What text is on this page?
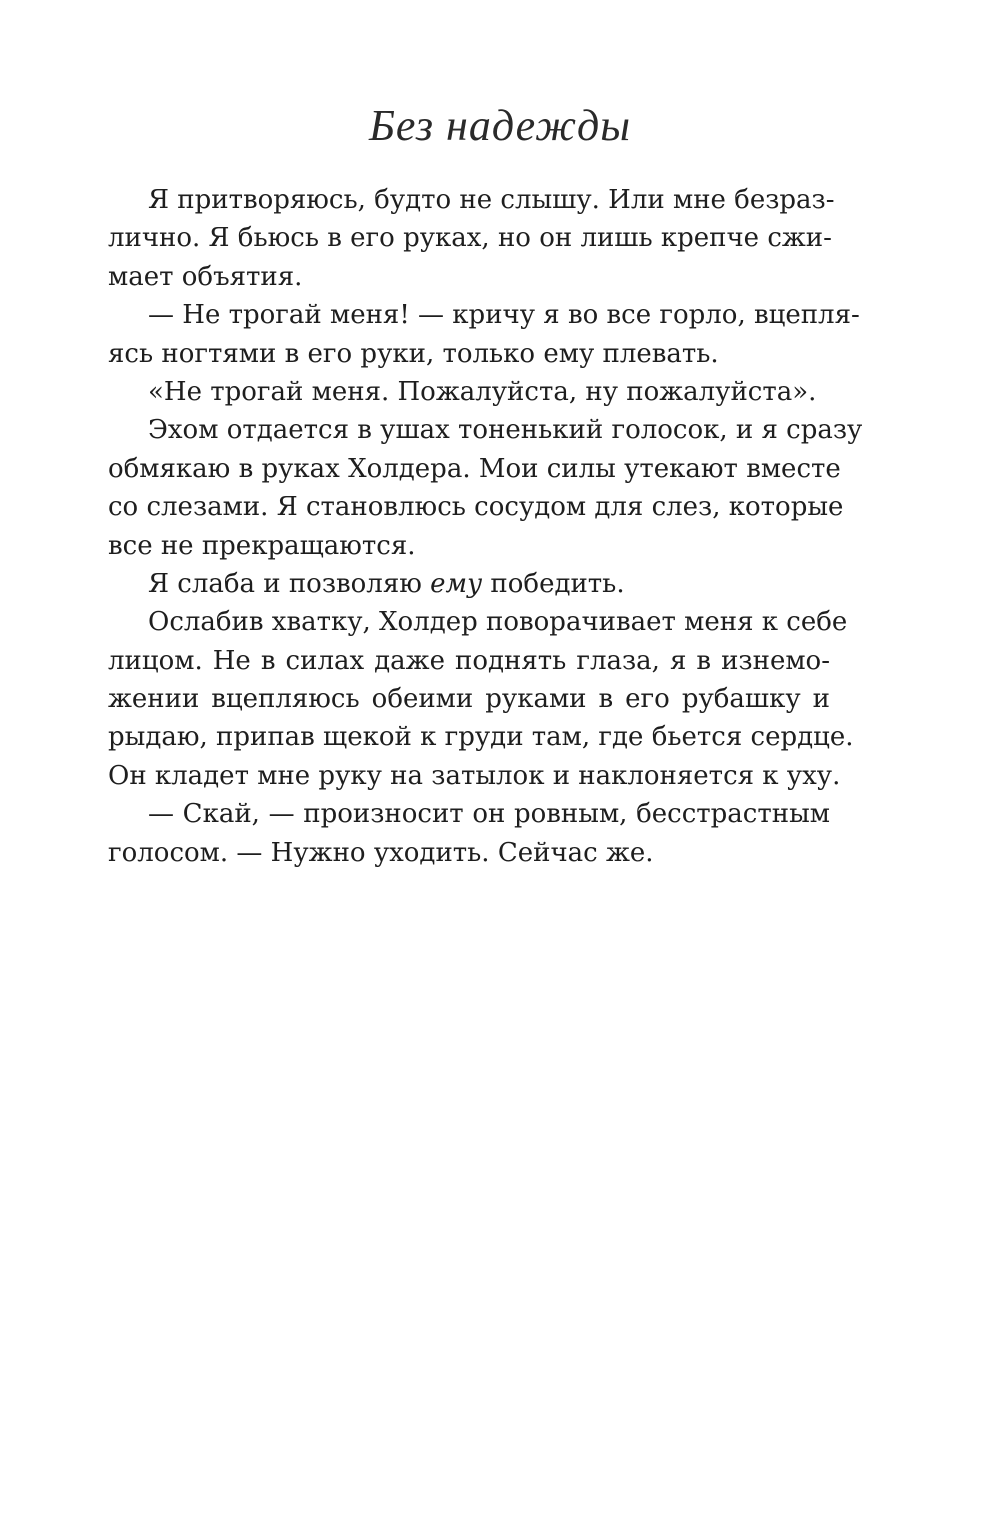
Без надежды
Я притворяюсь, будто не слышу. Или мне безраз-
лично. Я бьюсь в его руках, но он лишь крепче сжи-
мает объятия.
— Не трогай меня! — кричу я во все горло, вцепля-
ясь ногтями в его руки, только ему плевать.
«Не трогай меня. Пожалуйста, ну пожалуйста».
Эхом отдается в ушах тоненький голосок, и я сразу
обмякаю в руках Холдера. Мои силы утекают вместе
со слезами. Я становлюсь сосудом для слез, которые
все не прекращаются.
Я слаба и позволяю ему победить.
Ослабив хватку, Холдер поворачивает меня к себе
лицом. Не в силах даже поднять глаза, я в изнемо-
жении вцепляюсь обеими руками в его рубашку и
рыдаю, припав щекой к груди там, где бьется сердце.
Он кладет мне руку на затылок и наклоняется к уху.
— Скай, — произносит он ровным, бесстрастным
голосом. — Нужно уходить. Сейчас же.
